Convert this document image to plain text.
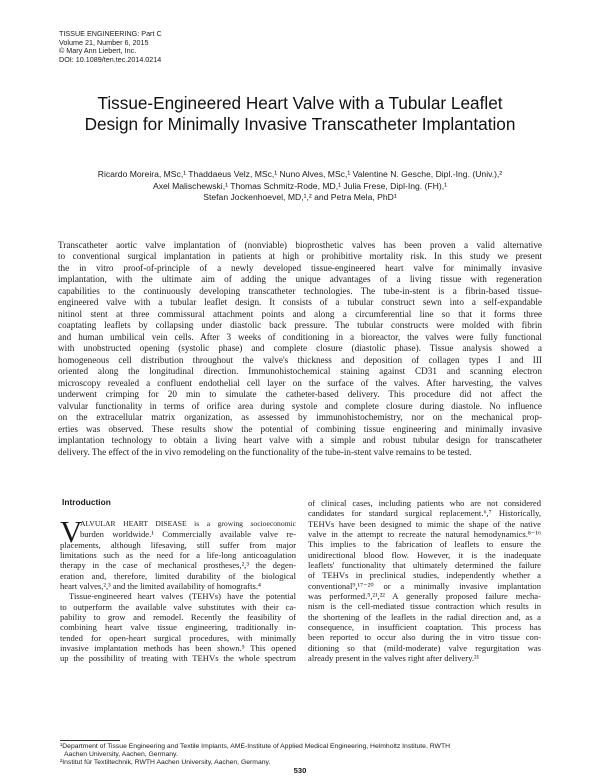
TISSUE ENGINEERING: Part C
Volume 21, Number 6, 2015
© Mary Ann Liebert, Inc.
DOI: 10.1089/ten.tec.2014.0214
Tissue-Engineered Heart Valve with a Tubular Leaflet
Design for Minimally Invasive Transcatheter Implantation
Ricardo Moreira, MSc,¹ Thaddaeus Velz, MSc,¹ Nuno Alves, MSc,¹ Valentine N. Gesche, Dipl.-Ing. (Univ.),²
Axel Malischewski,¹ Thomas Schmitz-Rode, MD,¹ Julia Frese, Dipl-Ing. (FH),¹
Stefan Jockenhoevel, MD,¹,² and Petra Mela, PhD¹
Transcatheter aortic valve implantation of (nonviable) bioprosthetic valves has been proven a valid alternative
to conventional surgical implantation in patients at high or prohibitive mortality risk. In this study we present
the in vitro proof-of-principle of a newly developed tissue-engineered heart valve for minimally invasive
implantation, with the ultimate aim of adding the unique advantages of a living tissue with regeneration
capabilities to the continuously developing transcatheter technologies. The tube-in-stent is a fibrin-based tissue-
engineered valve with a tubular leaflet design. It consists of a tubular construct sewn into a self-expandable
nitinol stent at three commissural attachment points and along a circumferential line so that it forms three
coaptating leaflets by collapsing under diastolic back pressure. The tubular constructs were molded with fibrin
and human umbilical vein cells. After 3 weeks of conditioning in a bioreactor, the valves were fully functional
with unobstructed opening (systolic phase) and complete closure (diastolic phase). Tissue analysis showed a
homogeneous cell distribution throughout the valve's thickness and deposition of collagen types I and III
oriented along the longitudinal direction. Immunohistochemical staining against CD31 and scanning electron
microscopy revealed a confluent endothelial cell layer on the surface of the valves. After harvesting, the valves
underwent crimping for 20 min to simulate the catheter-based delivery. This procedure did not affect the
valvular functionality in terms of orifice area during systole and complete closure during diastole. No influence
on the extracellular matrix organization, as assessed by immunohistochemistry, nor on the mechanical prop-
erties was observed. These results show the potential of combining tissue engineering and minimally invasive
implantation technology to obtain a living heart valve with a simple and robust tubular design for transcatheter
delivery. The effect of the in vivo remodeling on the functionality of the tube-in-stent valve remains to be tested.
Introduction
V
ALVULAR HEART DISEASE is a growing socioeconomic
burden worldwide.¹ Commercially available valve re-
placements, although lifesaving, still suffer from major
limitations such as the need for a life-long anticoagulation
therapy in the case of mechanical prostheses,²,³ the degen-
eration and, therefore, limited durability of the biological
heart valves,²,³ and the limited availability of homografts.⁴
Tissue-engineered heart valves (TEHVs) have the potential
to outperform the available valve substitutes with their ca-
pability to grow and remodel. Recently the feasibility of
combining heart valve tissue engineering, traditionally in-
tended for open-heart surgical procedures, with minimally
invasive implantation methods has been shown.⁵ This opened
up the possibility of treating with TEHVs the whole spectrum
of clinical cases, including patients who are not considered
candidates for standard surgical replacement.⁶,⁷ Historically,
TEHVs have been designed to mimic the shape of the native
valve in the attempt to recreate the natural hemodynamics.⁸⁻¹⁶
This implies to the fabrication of leaflets to ensure the
unidirectional blood flow. However, it is the inadequate
leaflets' functionality that ultimately determined the failure
of TEHVs in preclinical studies, independently whether a
conventional⁹,¹⁷⁻²⁰ or a minimally invasive implantation
was performed.⁵,²¹,²² A generally proposed failure mecha-
nism is the cell-mediated tissue contraction which results in
the shortening of the leaflets in the radial direction and, as a
consequence, in insufficient coaptation. This process has
been reported to occur also during the in vitro tissue con-
ditioning so that (mild-moderate) valve regurgitation was
already present in the valves right after delivery.²¹
¹Department of Tissue Engineering and Textile Implants, AME-Institute of Applied Medical Engineering, Helmholtz Institute, RWTH
Aachen University, Aachen, Germany.
²Institut für Textiltechnik, RWTH Aachen University, Aachen, Germany.
530
